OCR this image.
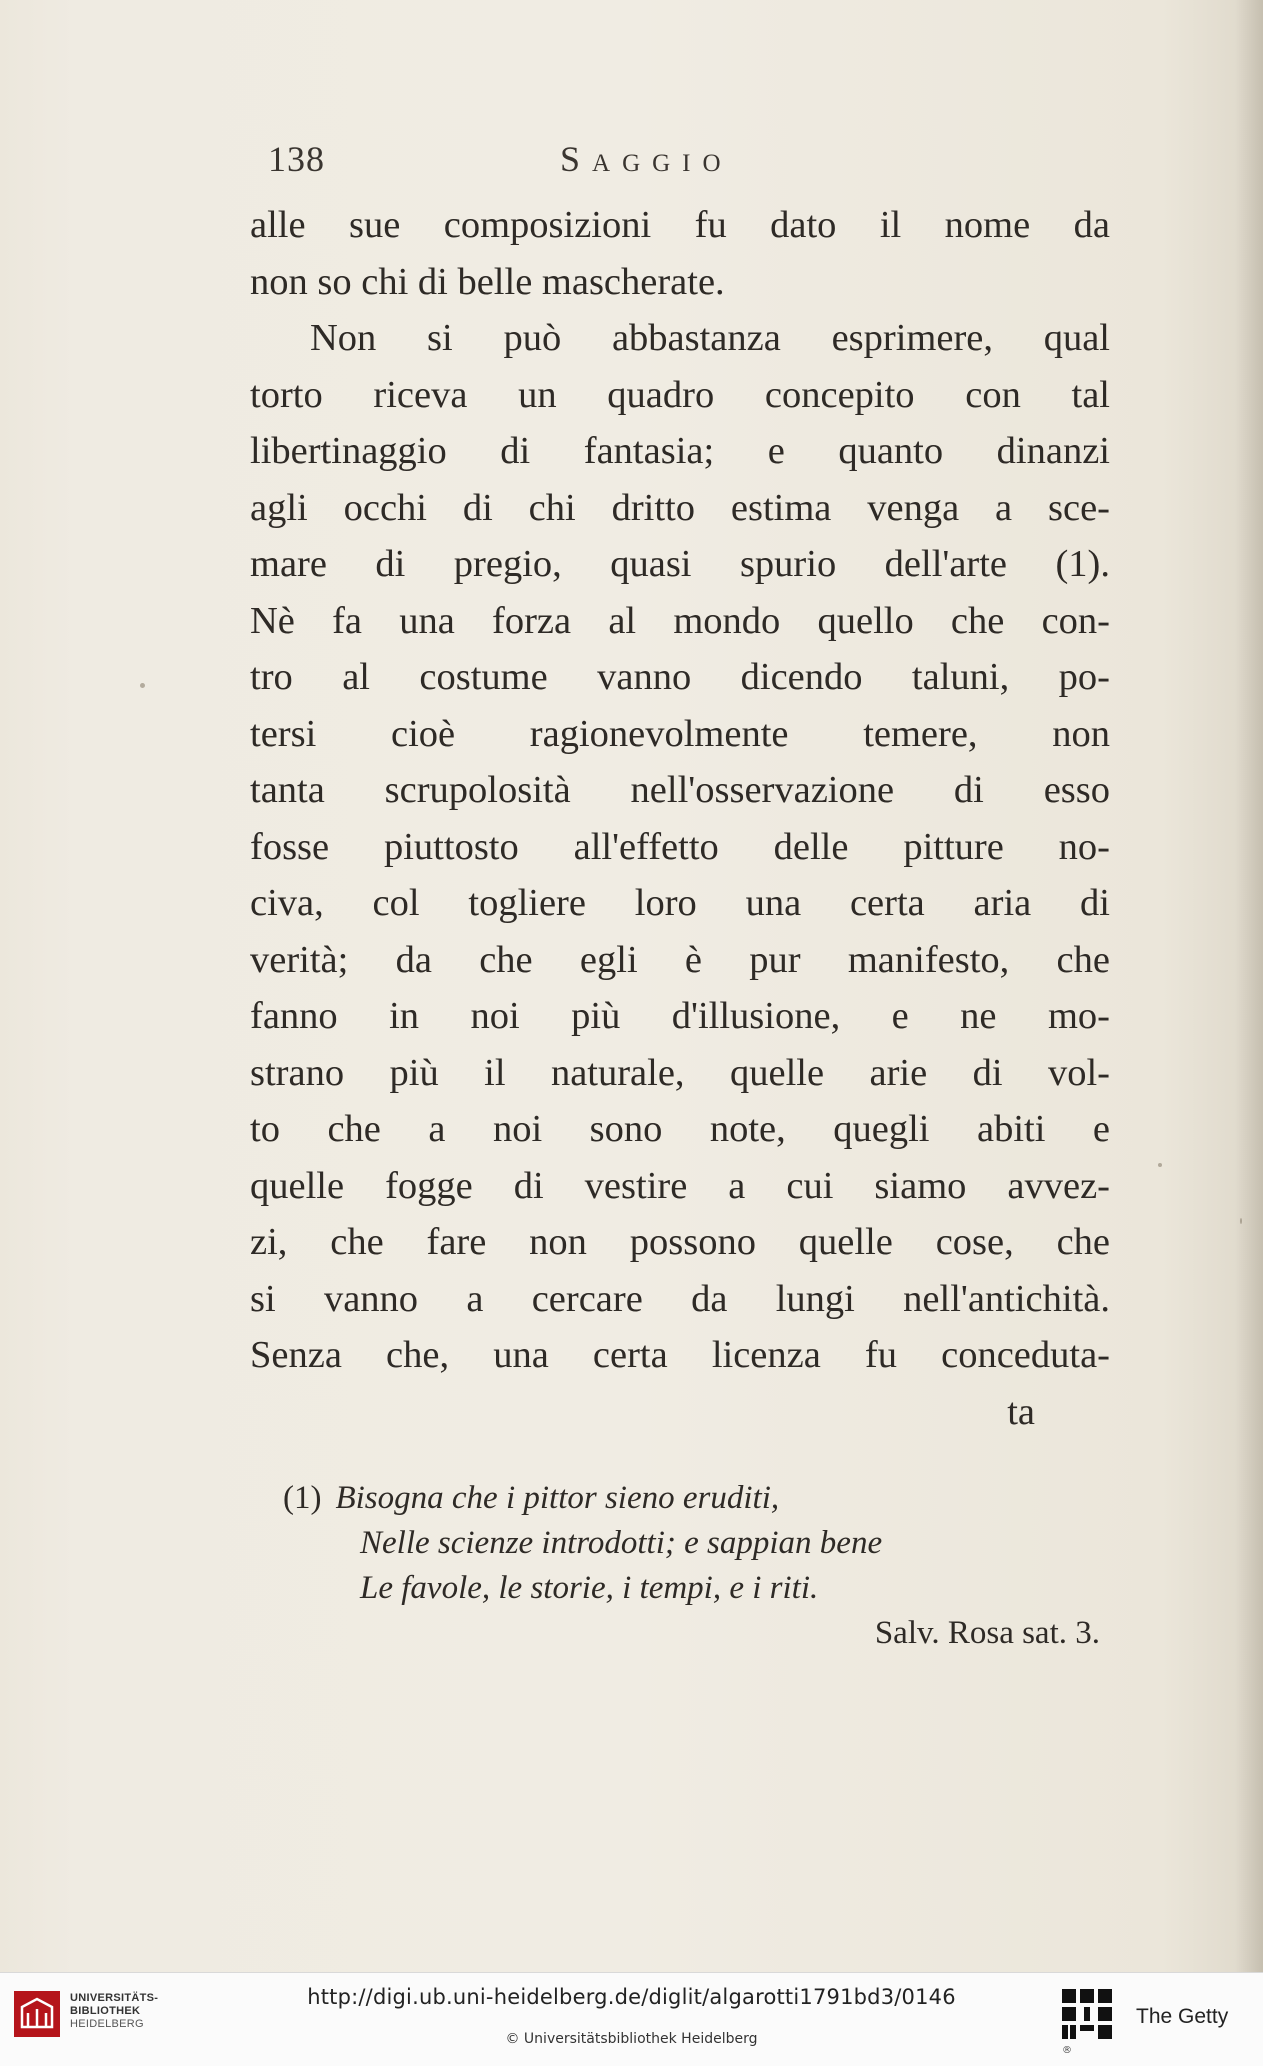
138	Saggio
alle sue composizioni fu dato il nome da
non so chi di belle mascherate.
Non si può abbastanza esprimere, qual
torto riceva un quadro concepito con tal
libertinaggio di fantasia; e quanto dinanzi
agli occhi di chi dritto estima venga a sce-
mare di pregio, quasi spurio dell'arte (1).
Nè fa una forza al mondo quello che con-
tro al costume vanno dicendo taluni, po-
tersi cioè ragionevolmente temere, non
tanta scrupolosità nell'osservazione di esso
fosse piuttosto all'effetto delle pitture no-
civa, col togliere loro una certa aria di
verità; da che egli è pur manifesto, che
fanno in noi più d'illusione, e ne mo-
strano più il naturale, quelle arie di vol-
to che a noi sono note, quegli abiti e
quelle fogge di vestire a cui siamo avvez-
zi, che fare non possono quelle cose, che
si vanno a cercare da lungi nell'antichità.
Senza che, una certa licenza fu conceduta-
ta
(1) Bisogna che i pittor sieno eruditi,
Nelle scienze introdotti; e sappian bene
Le favole, le storie, i tempi, e i riti.
Salv. Rosa sat. 3.
UNIVERSITÄTS-
BIBLIOTHEK
HEIDELBERG
http://digi.ub.uni-heidelberg.de/diglit/algarotti1791bd3/0146
© Universitätsbibliothek Heidelberg
®
The Getty
